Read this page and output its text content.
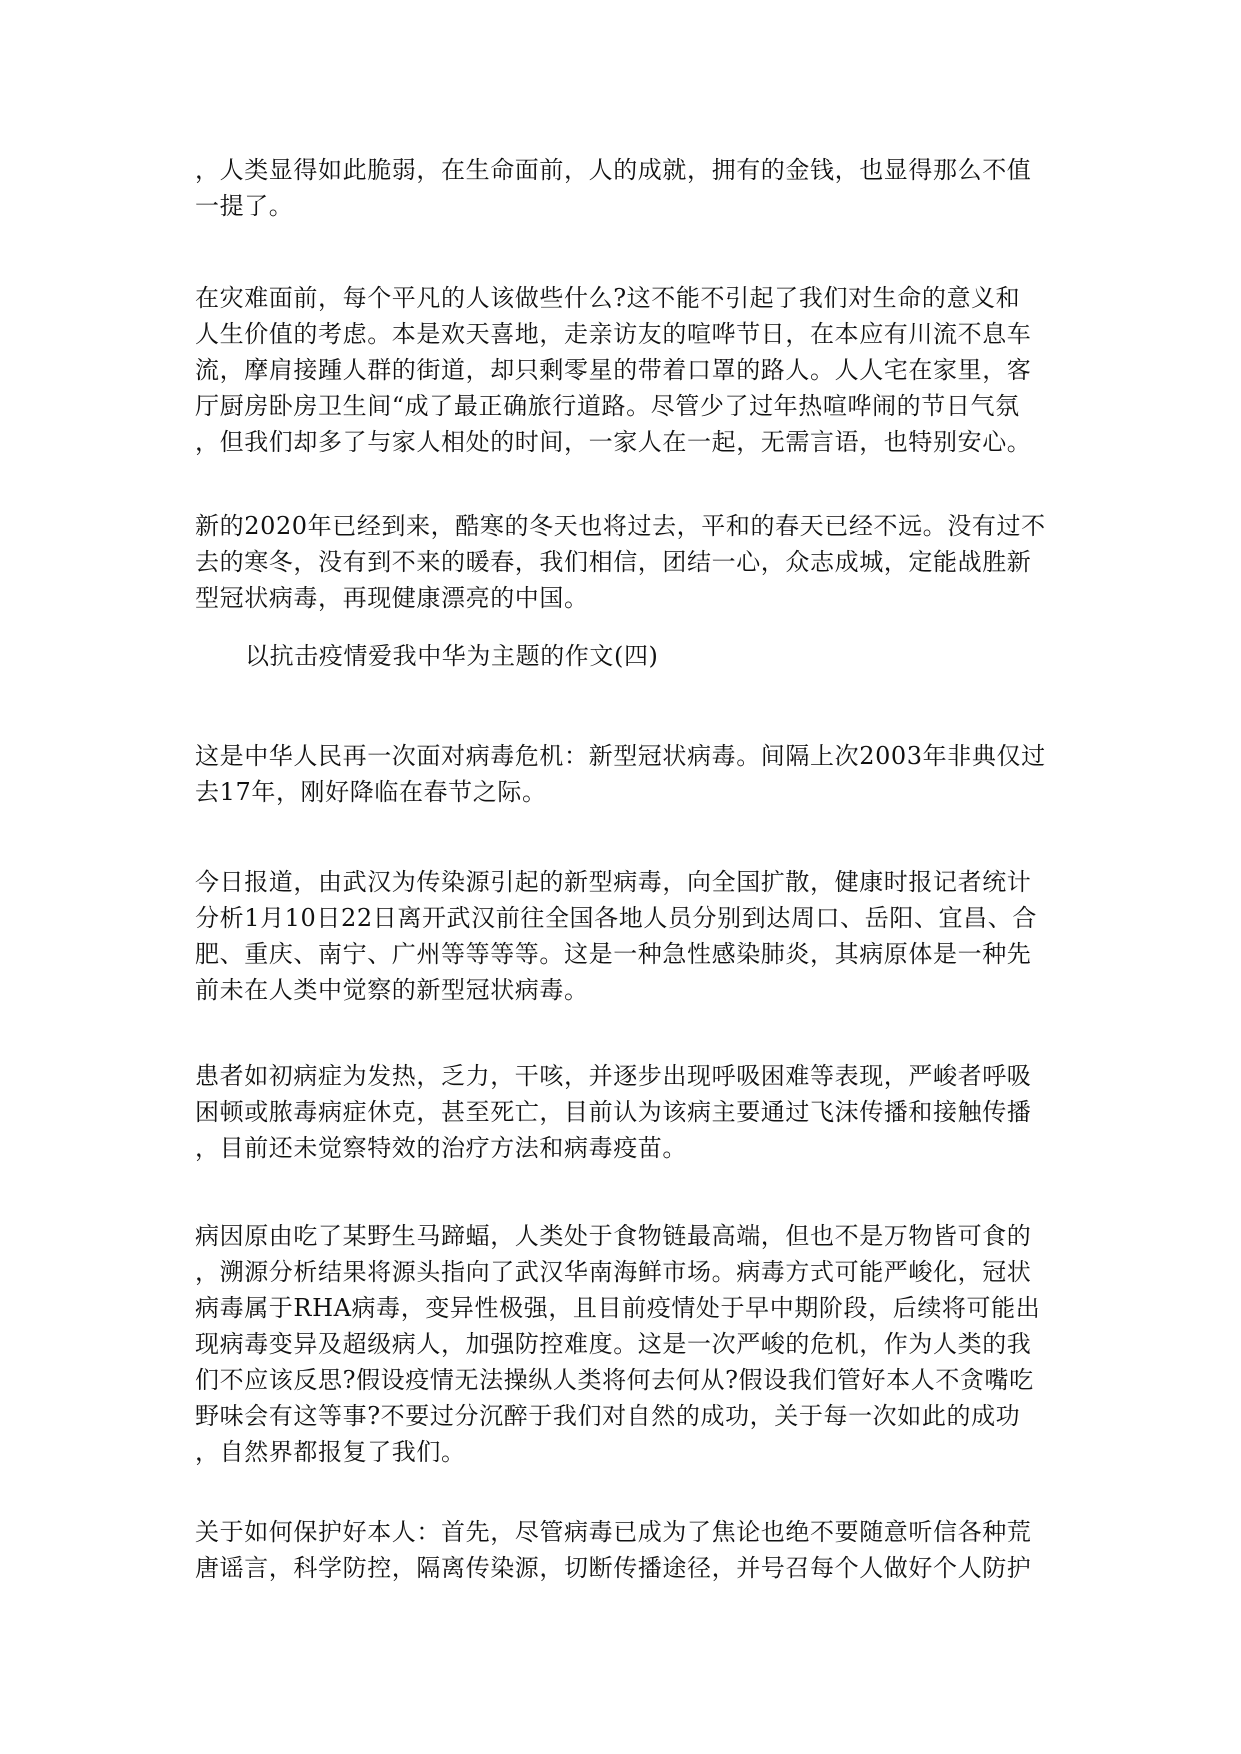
，人类显得如此脆弱，在生命面前，人的成就，拥有的金钱，也显得那么不值
一提了。
在灾难面前，每个平凡的人该做些什么?这不能不引起了我们对生命的意义和
人生价值的考虑。本是欢天喜地，走亲访友的喧哗节日，在本应有川流不息车
流，摩肩接踵人群的街道，却只剩零星的带着口罩的路人。人人宅在家里，客
厅厨房卧房卫生间“成了最正确旅行道路。尽管少了过年热喧哗闹的节日气氛
，但我们却多了与家人相处的时间，一家人在一起，无需言语，也特别安心。
新的2020年已经到来，酷寒的冬天也将过去，平和的春天已经不远。没有过不
去的寒冬，没有到不来的暖春，我们相信，团结一心，众志成城，定能战胜新
型冠状病毒，再现健康漂亮的中国。
以抗击疫情爱我中华为主题的作文(四)
这是中华人民再一次面对病毒危机：新型冠状病毒。间隔上次2003年非典仅过
去17年，刚好降临在春节之际。
今日报道，由武汉为传染源引起的新型病毒，向全国扩散，健康时报记者统计
分析1月10日22日离开武汉前往全国各地人员分别到达周口、岳阳、宜昌、合
肥、重庆、南宁、广州等等等等。这是一种急性感染肺炎，其病原体是一种先
前未在人类中觉察的新型冠状病毒。
患者如初病症为发热，乏力，干咳，并逐步出现呼吸困难等表现，严峻者呼吸
困顿或脓毒病症休克，甚至死亡，目前认为该病主要通过飞沫传播和接触传播
，目前还未觉察特效的治疗方法和病毒疫苗。
病因原由吃了某野生马蹄蝠，人类处于食物链最高端，但也不是万物皆可食的
，溯源分析结果将源头指向了武汉华南海鲜市场。病毒方式可能严峻化，冠状
病毒属于RHA病毒，变异性极强，且目前疫情处于早中期阶段，后续将可能出
现病毒变异及超级病人，加强防控难度。这是一次严峻的危机，作为人类的我
们不应该反思?假设疫情无法操纵人类将何去何从?假设我们管好本人不贪嘴吃
野味会有这等事?不要过分沉醉于我们对自然的成功，关于每一次如此的成功
，自然界都报复了我们。
关于如何保护好本人：首先，尽管病毒已成为了焦论也绝不要随意听信各种荒
唐谣言，科学防控，隔离传染源，切断传播途径，并号召每个人做好个人防护
